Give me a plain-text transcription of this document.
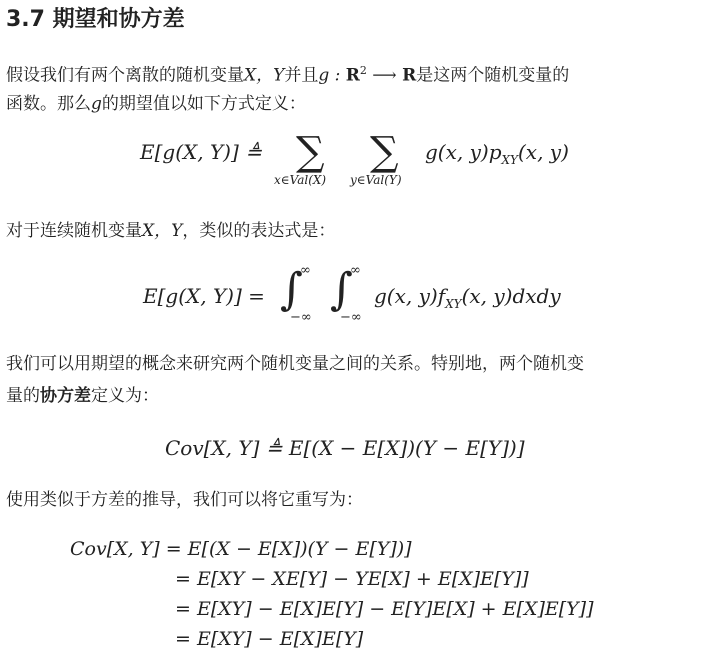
3.7 期望和协方差
假设我们有两个离散的随机变量X，Y并且g : $R^2$ ⟶ R是这两个随机变量的
函数。那么g的期望值以如下方式定义：
E[g(X, Y)] ≜ ∑
x∈Val(X)
∑
y∈Val(Y)
g(x, $y)p_{XY}(x$, y)
对于连续随机变量X，Y，类似的表达式是：
E[g(X, Y)] = ∫
∞
−∞
∫
∞
−∞
g(x, $y)f_{XY}(x$, y)dxdy
我们可以用期望的概念来研究两个随机变量之间的关系。特别地，两个随机变
量的协方差定义为：
Cov[X, Y] ≜ E[(X − E[X])(Y − E[Y])]
使用类似于方差的推导，我们可以将它重写为：
Cov[X, Y] = E[(X − E[X])(Y − E[Y])]
= E[XY − XE[Y] − YE[X] + E[X]E[Y]]
= E[XY] − E[X]E[Y] − E[Y]E[X] + E[X]E[Y]]
= E[XY] − E[X]E[Y]
